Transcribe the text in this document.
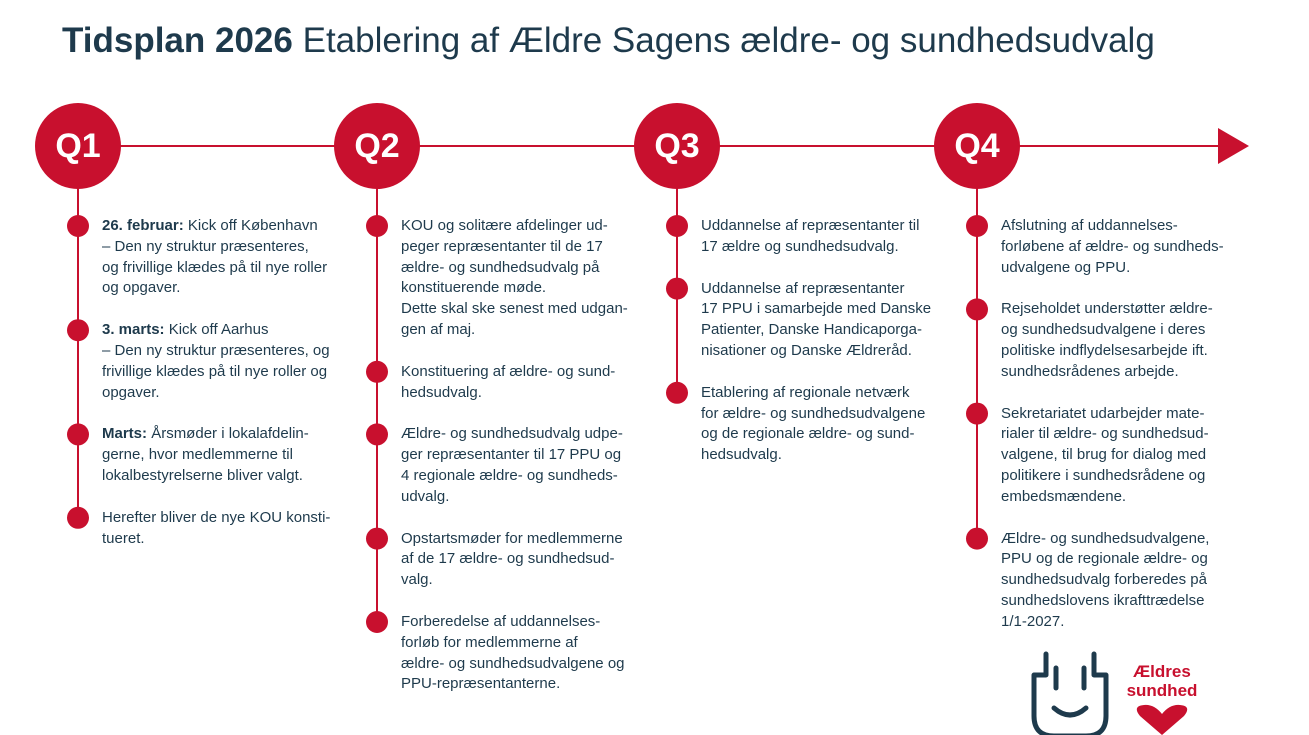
Tidsplan 2026 Etablering af Ældre Sagens ældre- og sundhedsudvalg
Q1	Q2	Q3	Q4
26. februar: Kick off København
– Den ny struktur præsenteres,
og frivillige klædes på til nye roller
og opgaver.
3. marts: Kick off Aarhus
– Den ny struktur præsenteres, og
frivillige klædes på til nye roller og
opgaver.
Marts: Årsmøder i lokalafdelin-
gerne, hvor medlemmerne til
lokalbestyrelserne bliver valgt.
Herefter bliver de nye KOU konsti-
tueret.
KOU og solitære afdelinger ud-
peger repræsentanter til de 17
ældre- og sundhedsudvalg på
konstituerende møde.
Dette skal ske senest med udgan-
gen af maj.
Konstituering af ældre- og sund-
hedsudvalg.
Ældre- og sundhedsudvalg udpe-
ger repræsentanter til 17 PPU og
4 regionale ældre- og sundheds-
udvalg.
Opstartsmøder for medlemmerne
af de 17 ældre- og sundhedsud-
valg.
Forberedelse af uddannelses-
forløb for medlemmerne af
ældre- og sundhedsudvalgene og
PPU-repræsentanterne.
Uddannelse af repræsentanter til
17 ældre og sundhedsudvalg.
Uddannelse af repræsentanter
17 PPU i samarbejde med Danske
Patienter, Danske Handicaporga-
nisationer og Danske Ældreråd.
Etablering af regionale netværk
for ældre- og sundhedsudvalgene
og de regionale ældre- og sund-
hedsudvalg.
Afslutning af uddannelses-
forløbene af ældre- og sundheds-
udvalgene og PPU.
Rejseholdet understøtter ældre-
og sundhedsudvalgene i deres
politiske indflydelsesarbejde ift.
sundhedsrådenes arbejde.
Sekretariatet udarbejder mate-
rialer til ældre- og sundhedsud-
valgene, til brug for dialog med
politikere i sundhedsrådene og
embedsmændene.
Ældre- og sundhedsudvalgene,
PPU og de regionale ældre- og
sundhedsudvalg forberedes på
sundhedslovens ikrafttrædelse
1/1-2027.
Ældres
sundhed
